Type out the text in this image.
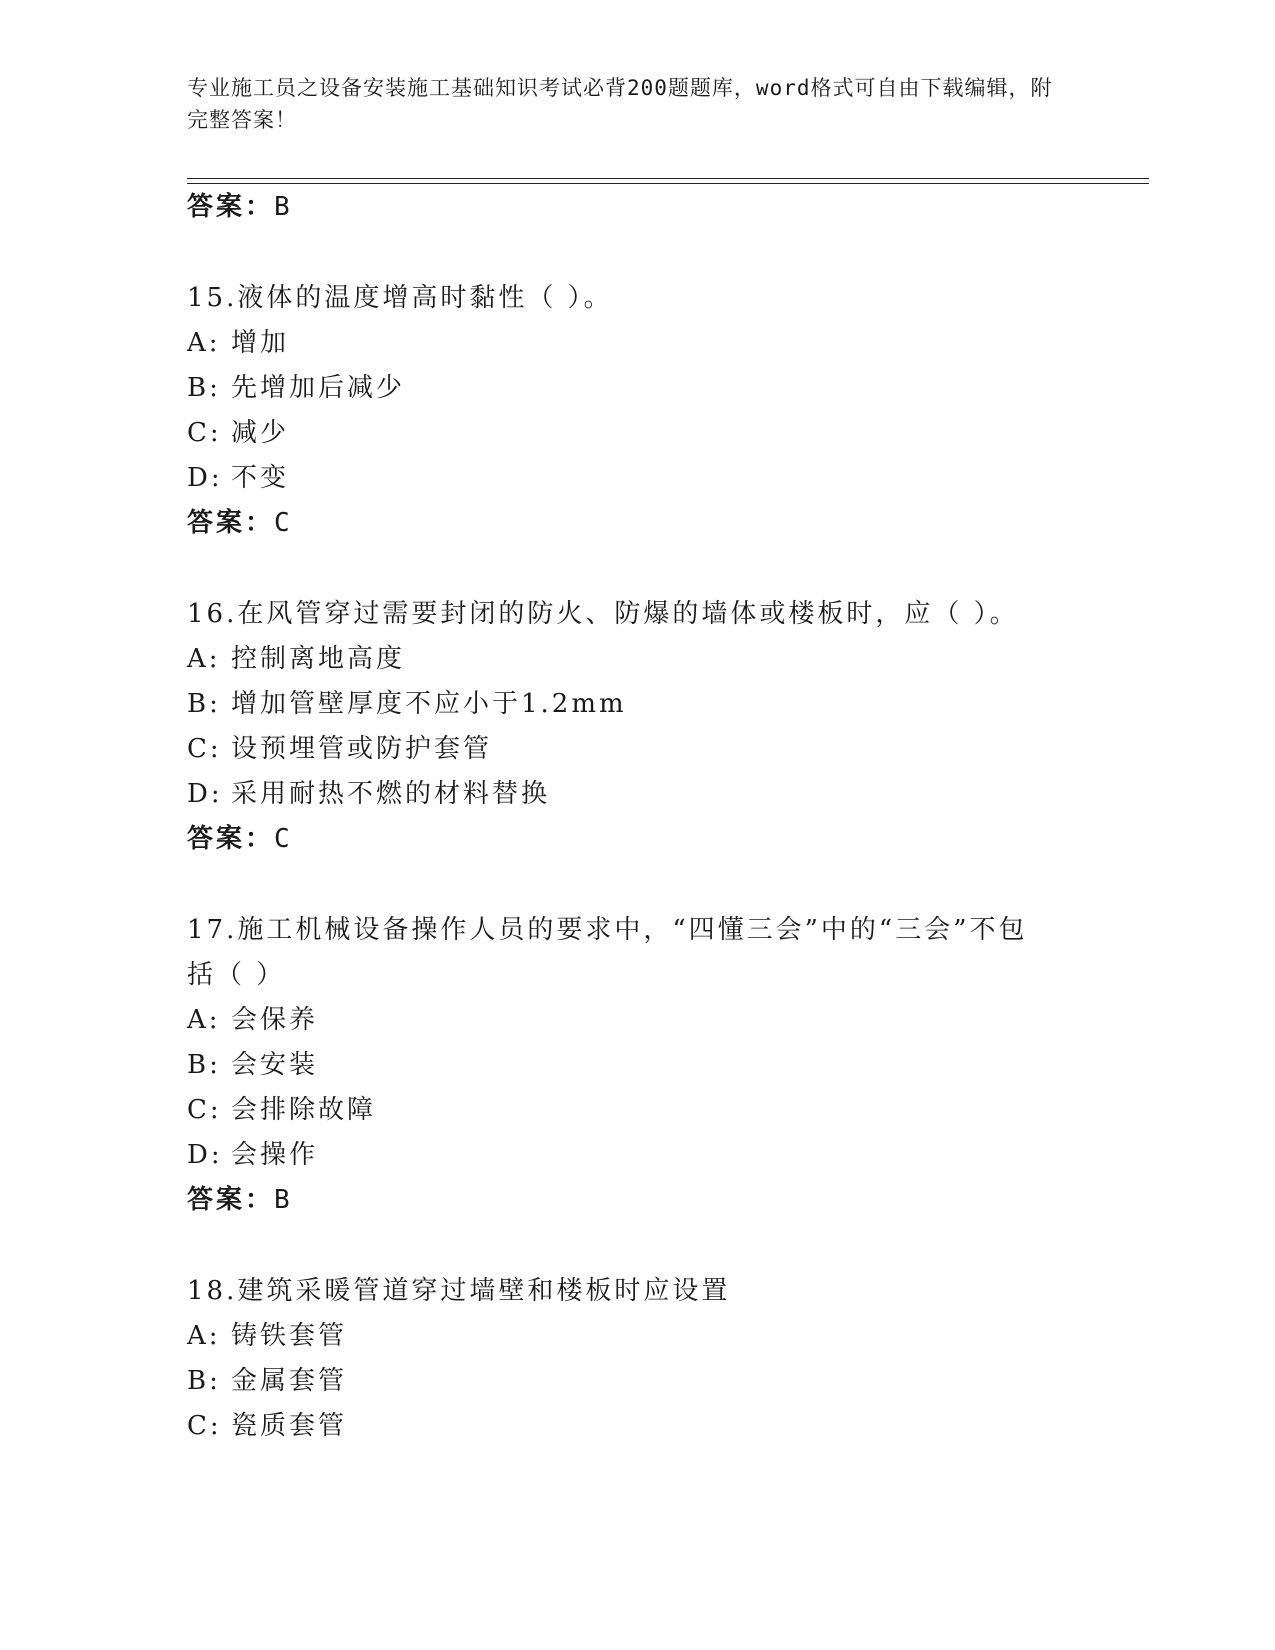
专业施工员之设备安装施工基础知识考试必背200题题库，word格式可自由下载编辑，附完整答案！
答案：B
15.液体的温度增高时黏性（ ）。
A: 增加
B: 先增加后减少
C: 减少
D: 不变
答案：C
16.在风管穿过需要封闭的防火、防爆的墙体或楼板时，应（ ）。
A: 控制离地高度
B: 增加管壁厚度不应小于1.2mm
C: 设预埋管或防护套管
D: 采用耐热不燃的材料替换
答案：C
17.施工机械设备操作人员的要求中，“四懂三会”中的“三会”不包
括（ ）
A: 会保养
B: 会安装
C: 会排除故障
D: 会操作
答案：B
18.建筑采暖管道穿过墙壁和楼板时应设置
A: 铸铁套管
B: 金属套管
C: 瓷质套管
